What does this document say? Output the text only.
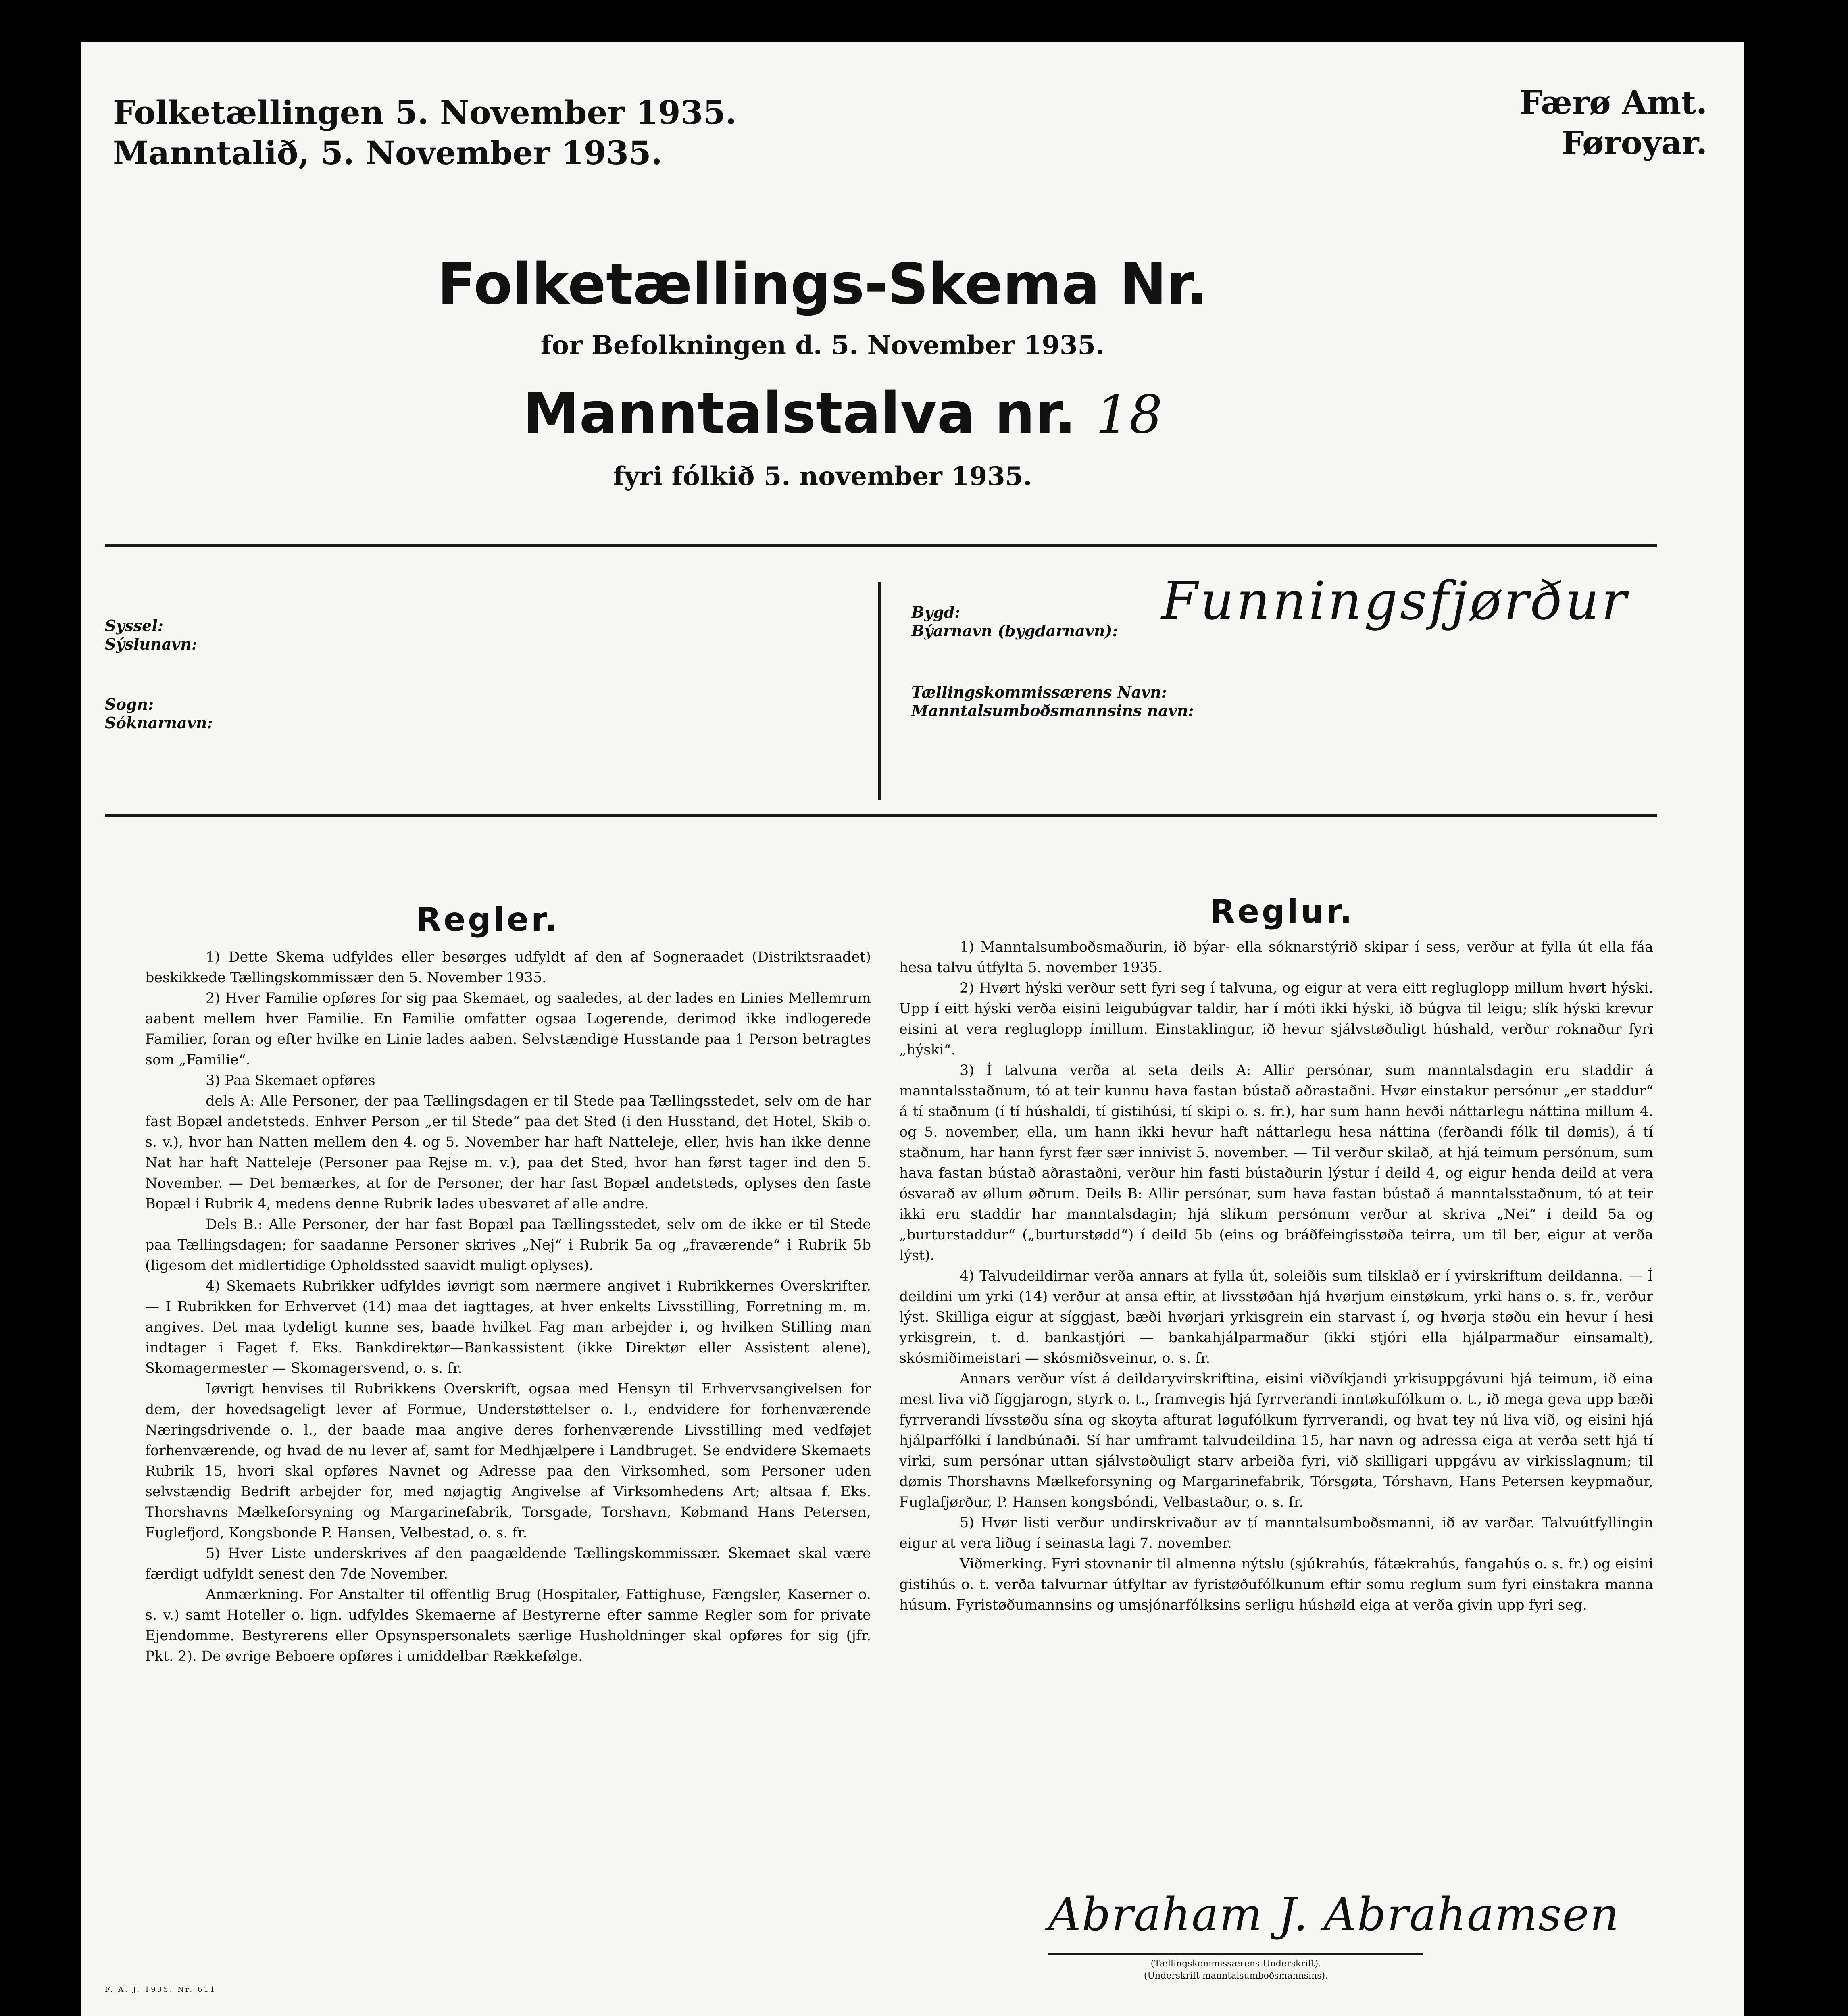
Folketællingen 5. November 1935.
Manntalið, 5. November 1935.
Færø Amt.
Føroyar.
Folketællings-Skema Nr.
for Befolkningen d. 5. November 1935.
Manntalstalva nr. 18
fyri fólkið 5. november 1935.
Syssel:
Sýslunavn:
Sogn:
Sóknarnavn:
Bygd:
Býarnavn (bygdarnavn): Funningsfjørður
Tællingskommissærens Navn:
Manntalsumboðsmannsins navn:
Regler.	Reglur.

1) Dette Skema udfyldes eller besørges udfyldt af den af Sogneraadet (Distriktsraadet) beskikkede Tællingskommissær den 5. November 1935.

2) Hver Familie opføres for sig paa Skemaet, og saaledes, at der lades en Linies Mellemrum aabent mellem hver Familie. En Familie omfatter ogsaa Logerende, derimod ikke indlogerede Familier, foran og efter hvilke en Linie lades aaben. Selvstændige Husstande paa 1 Person betragtes som „Familie“.

3) Paa Skemaet opføres

dels A: Alle Personer, der paa Tællingsdagen er til Stede paa Tællingsstedet, selv om de har fast Bopæl andetsteds. Enhver Person „er til Stede“ paa det Sted (i den Husstand, det Hotel, Skib o. s. v.), hvor han Natten mellem den 4. og 5. November har haft Natteleje, eller, hvis han ikke denne Nat har haft Natteleje (Personer paa Rejse m. v.), paa det Sted, hvor han først tager ind den 5. November. — Det bemærkes, at for de Personer, der har fast Bopæl andetsteds, oplyses den faste Bopæl i Rubrik 4, medens denne Rubrik lades ubesvaret af alle andre.

Dels B.: Alle Personer, der har fast Bopæl paa Tællingsstedet, selv om de ikke er til Stede paa Tællingsdagen; for saadanne Personer skrives „Nej“ i Rubrik 5a og „fraværende“ i Rubrik 5b (ligesom det midlertidige Opholdssted saavidt muligt oplyses).

4) Skemaets Rubrikker udfyldes iøvrigt som nærmere angivet i Rubrikkernes Overskrifter. — I Rubrikken for Erhvervet (14) maa det iagttages, at hver enkelts Livsstilling, Forretning m. m. angives. Det maa tydeligt kunne ses, baade hvilket Fag man arbejder i, og hvilken Stilling man indtager i Faget f. Eks. Bankdirektør—Bankassistent (ikke Direktør eller Assistent alene), Skomagermester — Skomagersvend, o. s. fr.

Iøvrigt henvises til Rubrikkens Overskrift, ogsaa med Hensyn til Erhvervsangivelsen for dem, der hovedsageligt lever af Formue, Understøttelser o. l., endvidere for forhenværende Næringsdrivende o. l., der baade maa angive deres forhenværende Livsstilling med vedføjet forhenværende, og hvad de nu lever af, samt for Medhjælpere i Landbruget. Se endvidere Skemaets Rubrik 15, hvori skal opføres Navnet og Adresse paa den Virksomhed, som Personer uden selvstændig Bedrift arbejder for, med nøjagtig Angivelse af Virksomhedens Art; altsaa f. Eks. Thorshavns Mælkeforsyning og Margarinefabrik, Torsgade, Torshavn, Købmand Hans Petersen, Fuglefjord, Kongsbonde P. Hansen, Velbestad, o. s. fr.

5) Hver Liste underskrives af den paagældende Tællingskommissær. Skemaet skal være færdigt udfyldt senest den 7de November.

Anmærkning. For Anstalter til offentlig Brug (Hospitaler, Fattighuse, Fængsler, Kaserner o. s. v.) samt Hoteller o. lign. udfyldes Skemaerne af Bestyrerne efter samme Regler som for private Ejendomme. Bestyrerens eller Opsynspersonalets særlige Husholdninger skal opføres for sig (jfr. Pkt. 2). De øvrige Beboere opføres i umiddelbar Rækkefølge.

1) Manntalsumboðsmaðurin, ið býar- ella sóknarstýrið skipar í sess, verður at fylla út ella fáa hesa talvu útfylta 5. november 1935.

2) Hvørt hýski verður sett fyri seg í talvuna, og eigur at vera eitt regluglopp millum hvørt hýski. Upp í eitt hýski verða eisini leigubúgvar taldir, har í móti ikki hýski, ið búgva til leigu; slík hýski krevur eisini at vera regluglopp ímillum. Einstaklingur, ið hevur sjálvstøðuligt húshald, verður roknaður fyri „hýski“.

3) Í talvuna verða at seta deils A: Allir persónar, sum manntalsdagin eru staddir á manntalsstaðnum, tó at teir kunnu hava fastan bústað aðrastaðni. Hvør einstakur persónur „er staddur“ á tí staðnum (í tí húshaldi, tí gistihúsi, tí skipi o. s. fr.), har sum hann hevði náttarlegu náttina millum 4. og 5. november, ella, um hann ikki hevur haft náttarlegu hesa náttina (ferðandi fólk til dømis), á tí staðnum, har hann fyrst fær sær innivist 5. november. — Til verður skilað, at hjá teimum persónum, sum hava fastan bústað aðrastaðni, verður hin fasti bústaðurin lýstur í deild 4, og eigur henda deild at vera ósvarað av øllum øðrum. Deils B: Allir persónar, sum hava fastan bústað á manntalsstaðnum, tó at teir ikki eru staddir har manntalsdagin; hjá slíkum persónum verður at skriva „Nei“ í deild 5a og „burturstaddur“ („burturstødd“) í deild 5b (eins og bráðfeingisstøða teirra, um til ber, eigur at verða lýst).

4) Talvudeildirnar verða annars at fylla út, soleiðis sum tilsklað er í yvirskriftum deildanna. — Í deildini um yrki (14) verður at ansa eftir, at livsstøðan hjá hvørjum einstøkum, yrki hans o. s. fr., verður lýst. Skilliga eigur at síggjast, bæði hvørjari yrkisgrein ein starvast í, og hvørja støðu ein hevur í hesi yrkisgrein, t. d. bankastjóri — bankahjálparmaður (ikki stjóri ella hjálparmaður einsamalt), skósmiðimeistari — skósmiðsveinur, o. s. fr.

Annars verður víst á deildaryvirskriftina, eisini viðvíkjandi yrkisuppgávuni hjá teimum, ið eina mest liva við fíggjarogn, styrk o. t., framvegis hjá fyrrverandi inntøkufólkum o. t., ið mega geva upp bæði fyrrverandi lívsstøðu sína og skoyta afturat løgufólkum fyrrverandi, og hvat tey nú liva við, og eisini hjá hjálparfólki í landbúnaði. Sí har umframt talvudeildina 15, har navn og adressa eiga at verða sett hjá tí virki, sum persónar uttan sjálvstøðuligt starv arbeiða fyri, við skilligari uppgávu av virkisslagnum; til dømis Thorshavns Mælkeforsyning og Margarinefabrik, Tórsgøta, Tórshavn, Hans Petersen keypmaður, Fuglafjørður, P. Hansen kongsbóndi, Velbastaður, o. s. fr.

5) Hvør listi verður undirskrivaður av tí manntalsumboðsmanni, ið av varðar. Talvuútfyllingin eigur at vera liðug í seinasta lagi 7. november.

Viðmerking. Fyri stovnanir til almenna nýtslu (sjúkrahús, fátækrahús, fangahús o. s. fr.) og eisini gistihús o. t. verða talvurnar útfyltar av fyristøðufólkunum eftir somu reglum sum fyri einstakra manna húsum. Fyristøðumannsins og umsjónarfólksins serligu húshøld eiga at verða givin upp fyri seg.

Abraham J. Abrahamsen
(Tællingskommissærens Underskrift).
(Underskrift manntalsumboðsmannsins).
F. A. J. 1935. Nr. 611
